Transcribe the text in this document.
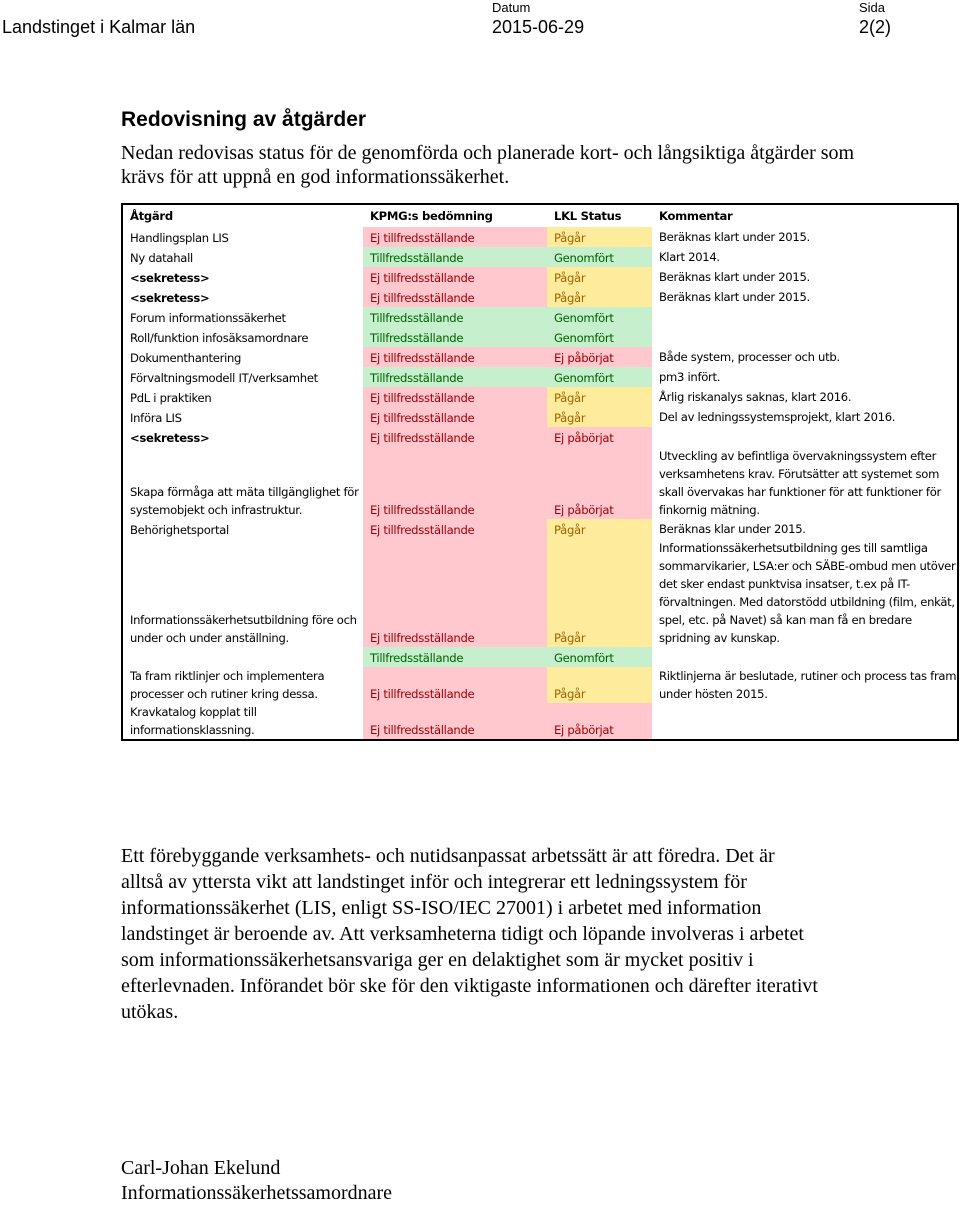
Landstinget i Kalmar län
Datum
2015-06-29
Sida
2(2)
Redovisning av åtgärder

Nedan redovisas status för de genomförda och planerade kort- och långsiktiga åtgärder som krävs för att uppnå en god informationssäkerhet.

Åtgärd	KPMG:s bedömning	LKL Status	Kommentar
Handlingsplan LIS	Ej tillfredsställande	Pågår	Beräknas klart under 2015.
Ny datahall	Tillfredsställande	Genomfört	Klart 2014.
<sekretess>	Ej tillfredsställande	Pågår	Beräknas klart under 2015.
<sekretess>	Ej tillfredsställande	Pågår	Beräknas klart under 2015.
Forum informationssäkerhet	Tillfredsställande	Genomfört	
Roll/funktion infosäksamordnare	Tillfredsställande	Genomfört	
Dokumenthantering	Ej tillfredsställande	Ej påbörjat	Både system, processer och utb.
Förvaltningsmodell IT/verksamhet	Tillfredsställande	Genomfört	pm3 infört.
PdL i praktiken	Ej tillfredsställande	Pågår	Årlig riskanalys saknas, klart 2016.
Införa LIS	Ej tillfredsställande	Pågår	Del av ledningssystemsprojekt, klart 2016.
<sekretess>	Ej tillfredsställande	Ej påbörjat	
Skapa förmåga att mäta tillgänglighet för systemobjekt och infrastruktur.	Ej tillfredsställande	Ej påbörjat	Utveckling av befintliga övervakningssystem efter verksamhetens krav. Förutsätter att systemet som skall övervakas har funktioner för att funktioner för finkornig mätning.
Behörighetsportal	Ej tillfredsställande	Pågår	Beräknas klar under 2015.
Informationssäkerhetsutbildning före och under och under anställning.	Ej tillfredsställande	Pågår	Informationssäkerhetsutbildning ges till samtliga sommarvikarier, LSA:er och SÄBE-ombud men utöver det sker endast punktvisa insatser, t.ex på IT-förvaltningen. Med datorstödd utbildning (film, enkät, spel, etc. på Navet) så kan man få en bredare spridning av kunskap.
	Tillfredsställande	Genomfört	
Ta fram riktlinjer och implementera processer och rutiner kring dessa.	Ej tillfredsställande	Pågår	Riktlinjerna är beslutade, rutiner och process tas fram under hösten 2015.
Kravkatalog kopplat till informationsklassning.	Ej tillfredsställande	Ej påbörjat	

Ett förebyggande verksamhets- och nutidsanpassat arbetssätt är att föredra. Det är alltså av yttersta vikt att landstinget inför och integrerar ett ledningssystem för informationssäkerhet (LIS, enligt SS-ISO/IEC 27001) i arbetet med information landstinget är beroende av. Att verksamheterna tidigt och löpande involveras i arbetet som informationssäkerhetsansvariga ger en delaktighet som är mycket positiv i efterlevnaden. Införandet bör ske för den viktigaste informationen och därefter iterativt utökas.

Carl-Johan Ekelund
Informationssäkerhetssamordnare
